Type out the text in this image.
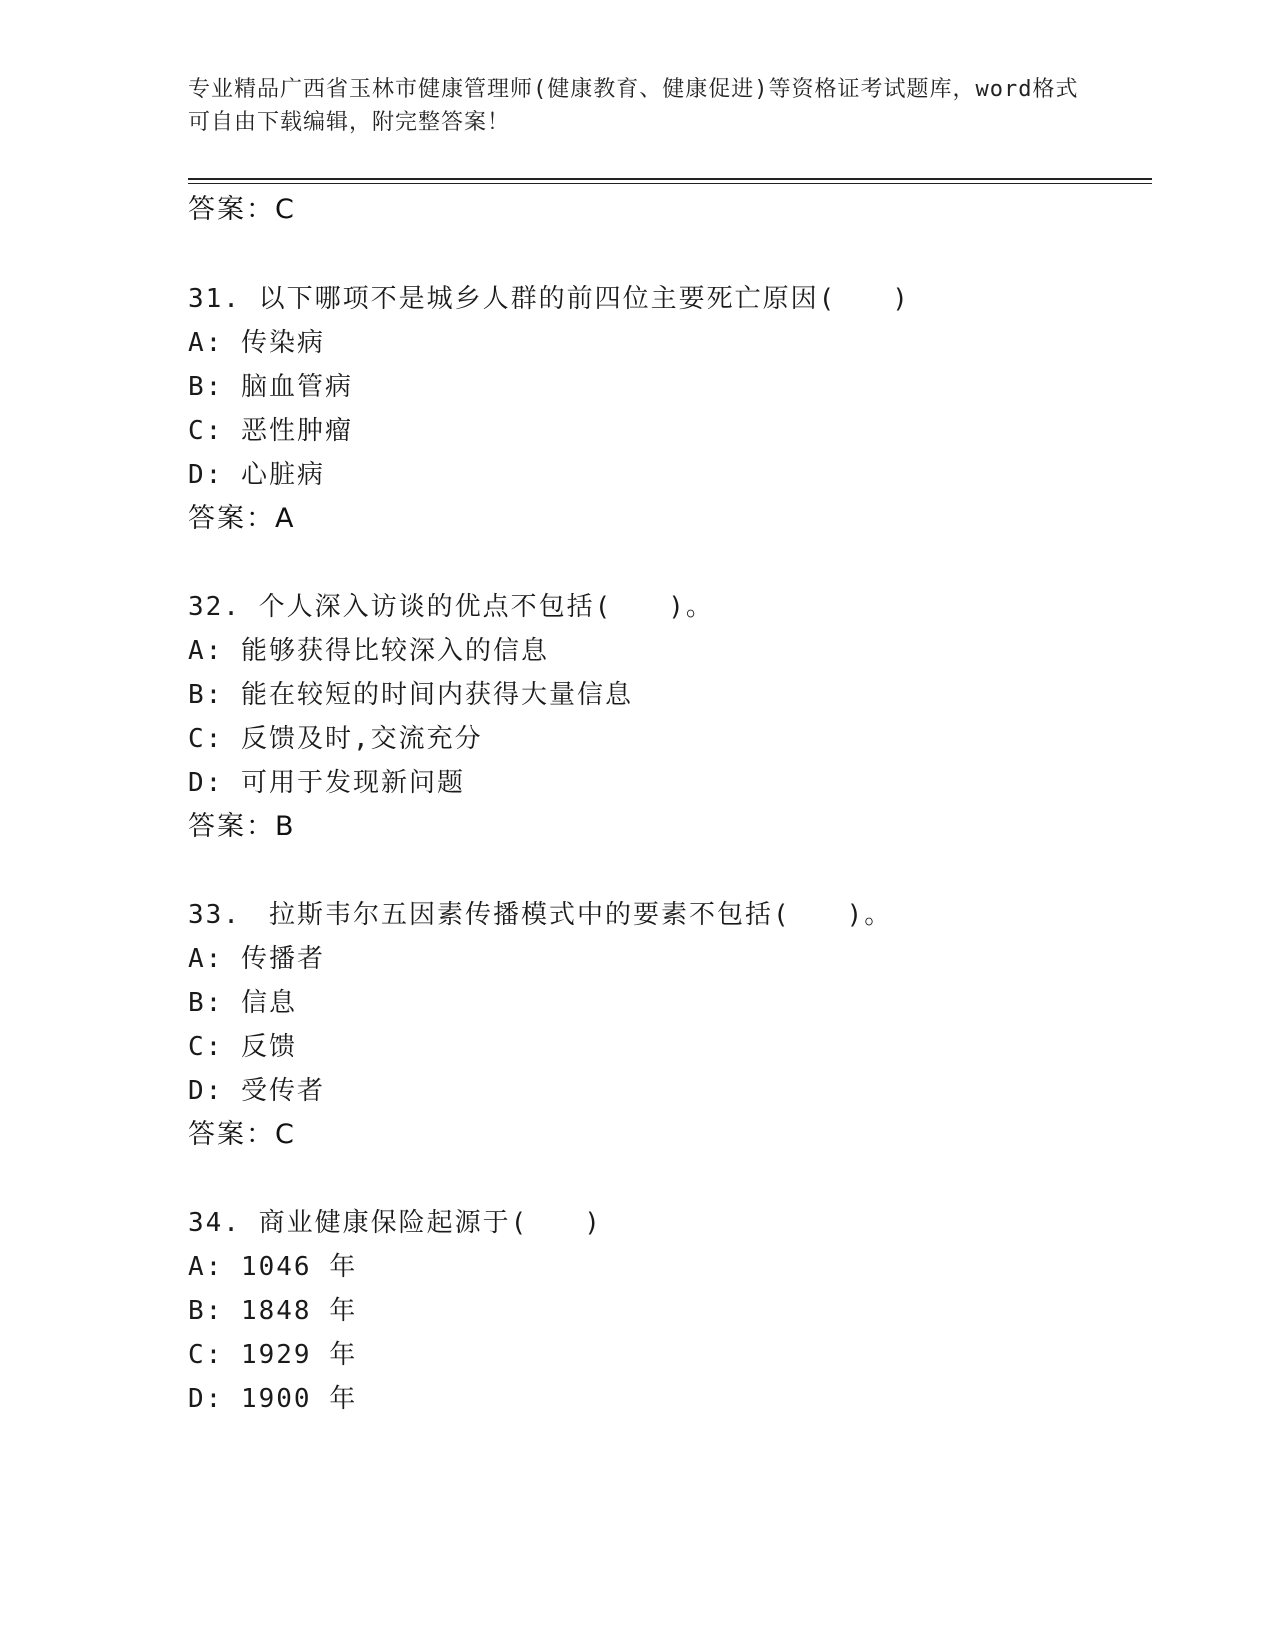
专业精品广西省玉林市健康管理师(健康教育、健康促进)等资格证考试题库，word格式可自由下载编辑，附完整答案！
答案：C
31. 以下哪项不是城乡人群的前四位主要死亡原因(　　)
A: 传染病
B: 脑血管病
C: 恶性肿瘤
D: 心脏病
答案：A
32. 个人深入访谈的优点不包括(　　)。
A: 能够获得比较深入的信息
B: 能在较短的时间内获得大量信息
C: 反馈及时,交流充分
D: 可用于发现新问题
答案：B
33.　拉斯韦尔五因素传播模式中的要素不包括(　　)。
A: 传播者
B: 信息
C: 反馈
D: 受传者
答案：C
34. 商业健康保险起源于(　　)
A: 1046 年
B: 1848 年
C: 1929 年
D: 1900 年
